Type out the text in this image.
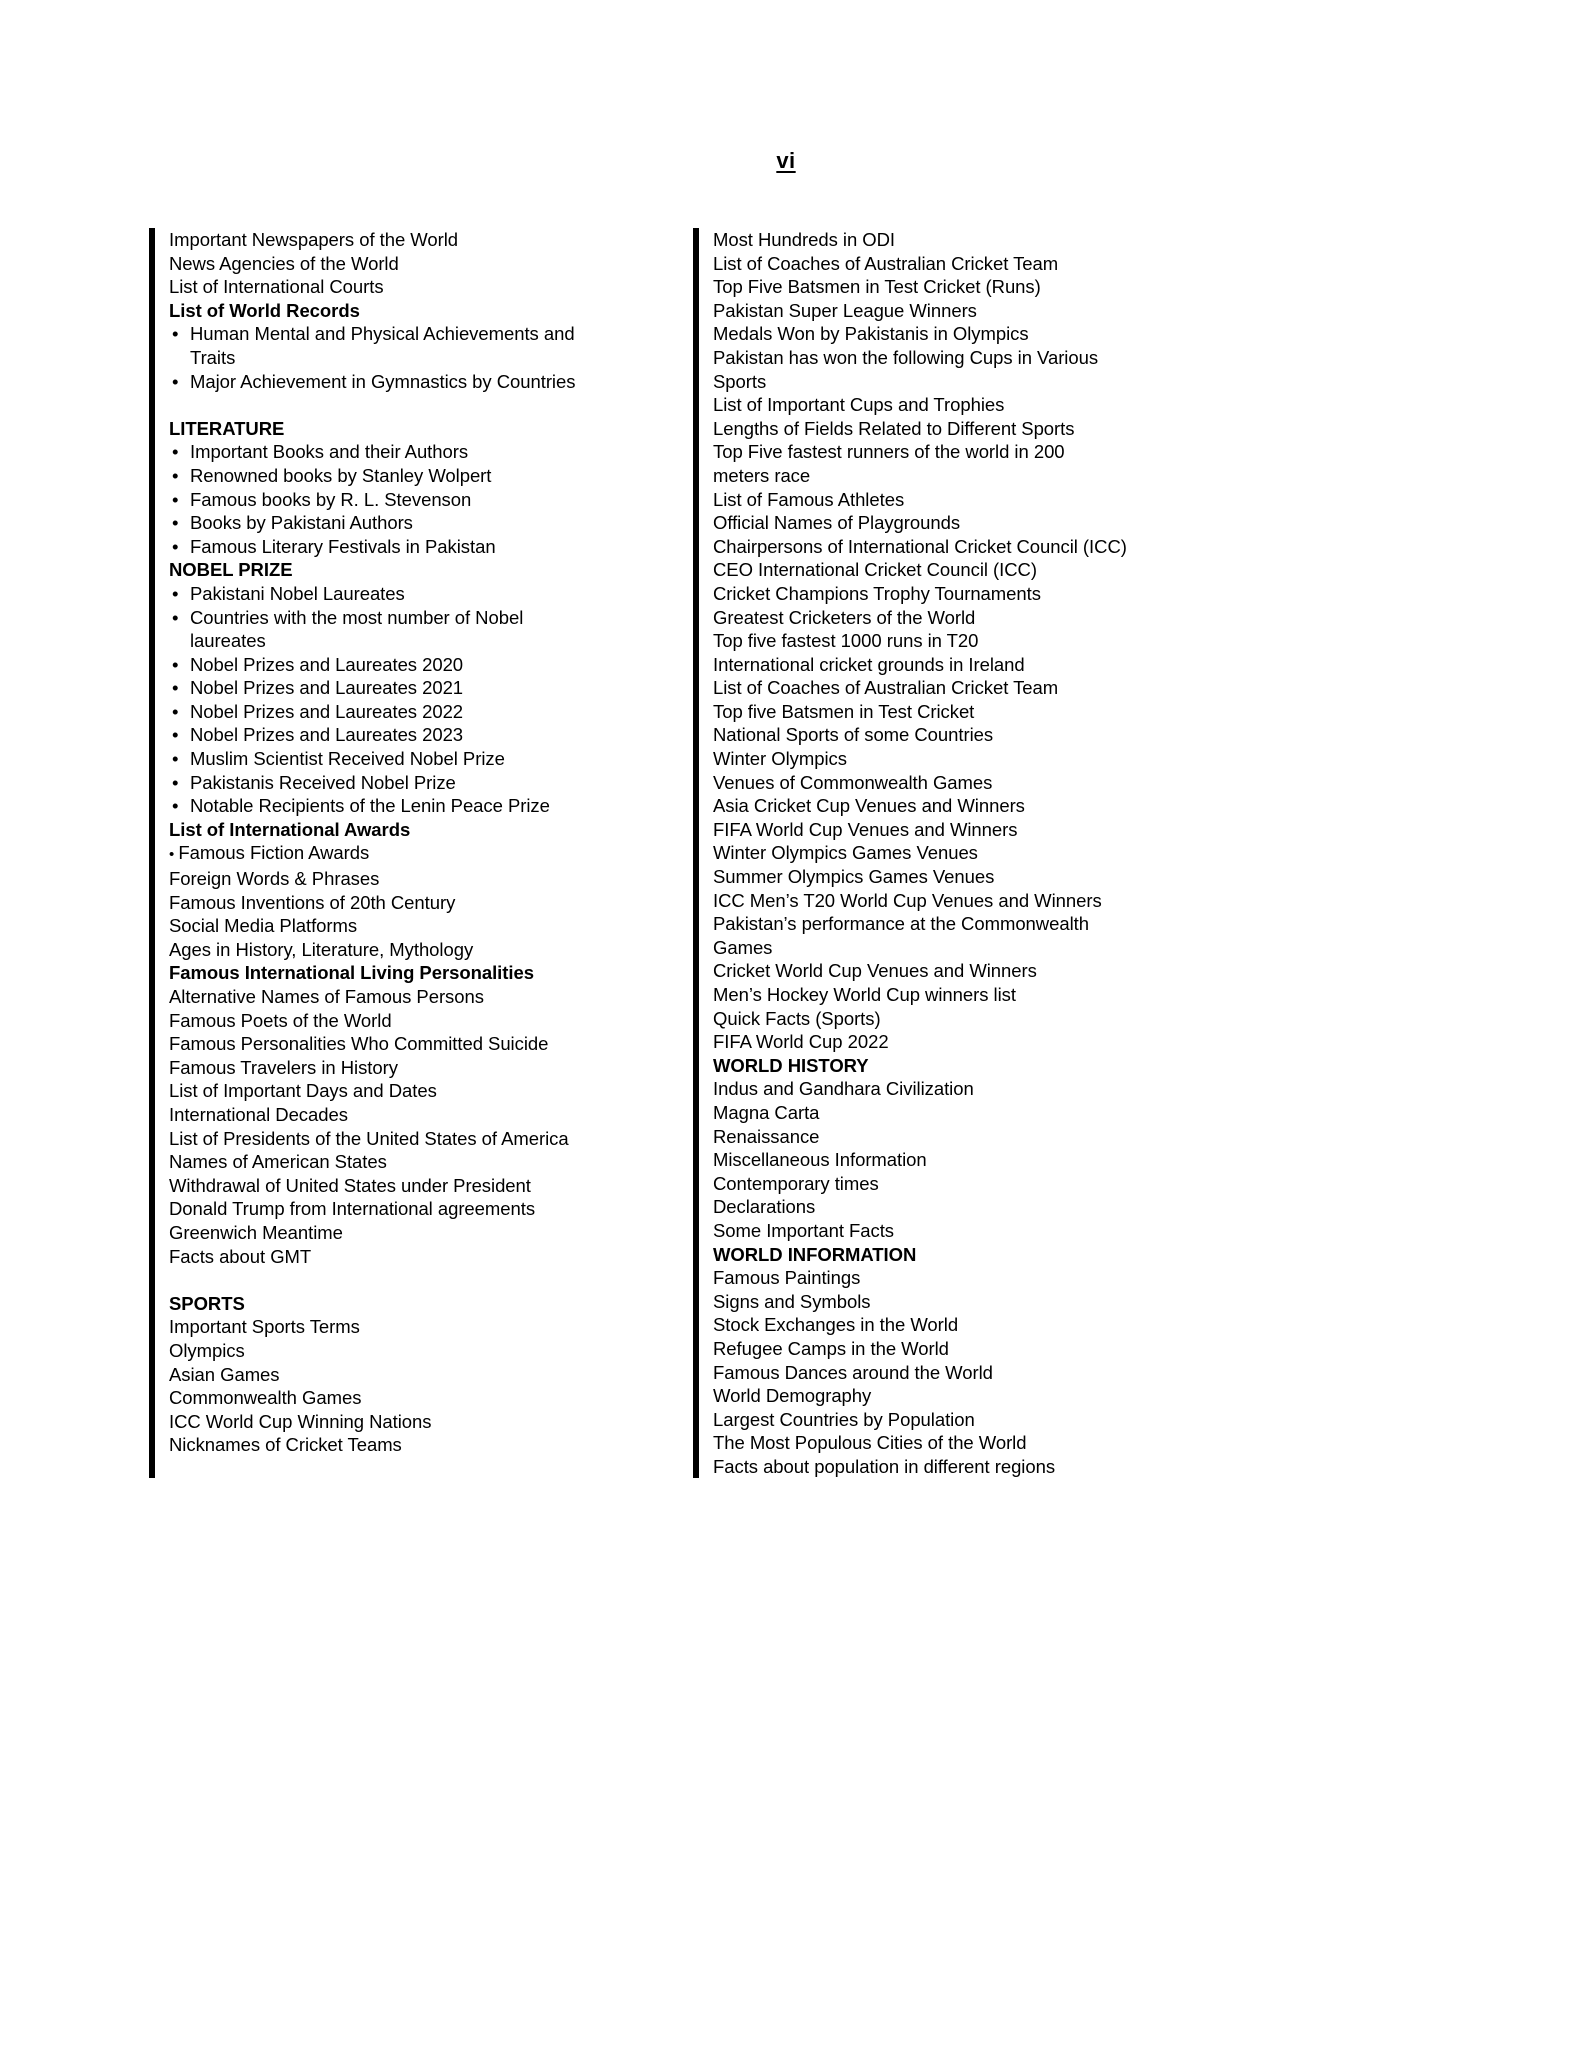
vi
Important Newspapers of the World
News Agencies of the World
List of International Courts
List of World Records
• Human Mental and Physical Achievements and
Traits
• Major Achievement in Gymnastics by Countries
LITERATURE
• Important Books and their Authors
• Renowned books by Stanley Wolpert
• Famous books by R. L. Stevenson
• Books by Pakistani Authors
• Famous Literary Festivals in Pakistan
NOBEL PRIZE
• Pakistani Nobel Laureates
• Countries with the most number of Nobel
laureates
• Nobel Prizes and Laureates 2020
• Nobel Prizes and Laureates 2021
• Nobel Prizes and Laureates 2022
• Nobel Prizes and Laureates 2023
• Muslim Scientist Received Nobel Prize
• Pakistanis Received Nobel Prize
• Notable Recipients of the Lenin Peace Prize
List of International Awards
• Famous Fiction Awards
Foreign Words & Phrases
Famous Inventions of 20th Century
Social Media Platforms
Ages in History, Literature, Mythology
Famous International Living Personalities
Alternative Names of Famous Persons
Famous Poets of the World
Famous Personalities Who Committed Suicide
Famous Travelers in History
List of Important Days and Dates
International Decades
List of Presidents of the United States of America
Names of American States
Withdrawal of United States under President
Donald Trump from International agreements
Greenwich Meantime
Facts about GMT
SPORTS
Important Sports Terms
Olympics
Asian Games
Commonwealth Games
ICC World Cup Winning Nations
Nicknames of Cricket Teams
Most Hundreds in ODI
List of Coaches of Australian Cricket Team
Top Five Batsmen in Test Cricket (Runs)
Pakistan Super League Winners
Medals Won by Pakistanis in Olympics
Pakistan has won the following Cups in Various
Sports
List of Important Cups and Trophies
Lengths of Fields Related to Different Sports
Top Five fastest runners of the world in 200
meters race
List of Famous Athletes
Official Names of Playgrounds
Chairpersons of International Cricket Council (ICC)
CEO International Cricket Council (ICC)
Cricket Champions Trophy Tournaments
Greatest Cricketers of the World
Top five fastest 1000 runs in T20
International cricket grounds in Ireland
List of Coaches of Australian Cricket Team
Top five Batsmen in Test Cricket
National Sports of some Countries
Winter Olympics
Venues of Commonwealth Games
Asia Cricket Cup Venues and Winners
FIFA World Cup Venues and Winners
Winter Olympics Games Venues
Summer Olympics Games Venues
ICC Men’s T20 World Cup Venues and Winners
Pakistan’s performance at the Commonwealth
Games
Cricket World Cup Venues and Winners
Men’s Hockey World Cup winners list
Quick Facts (Sports)
FIFA World Cup 2022
WORLD HISTORY
Indus and Gandhara Civilization
Magna Carta
Renaissance
Miscellaneous Information
Contemporary times
Declarations
Some Important Facts
WORLD INFORMATION
Famous Paintings
Signs and Symbols
Stock Exchanges in the World
Refugee Camps in the World
Famous Dances around the World
World Demography
Largest Countries by Population
The Most Populous Cities of the World
Facts about population in different regions
